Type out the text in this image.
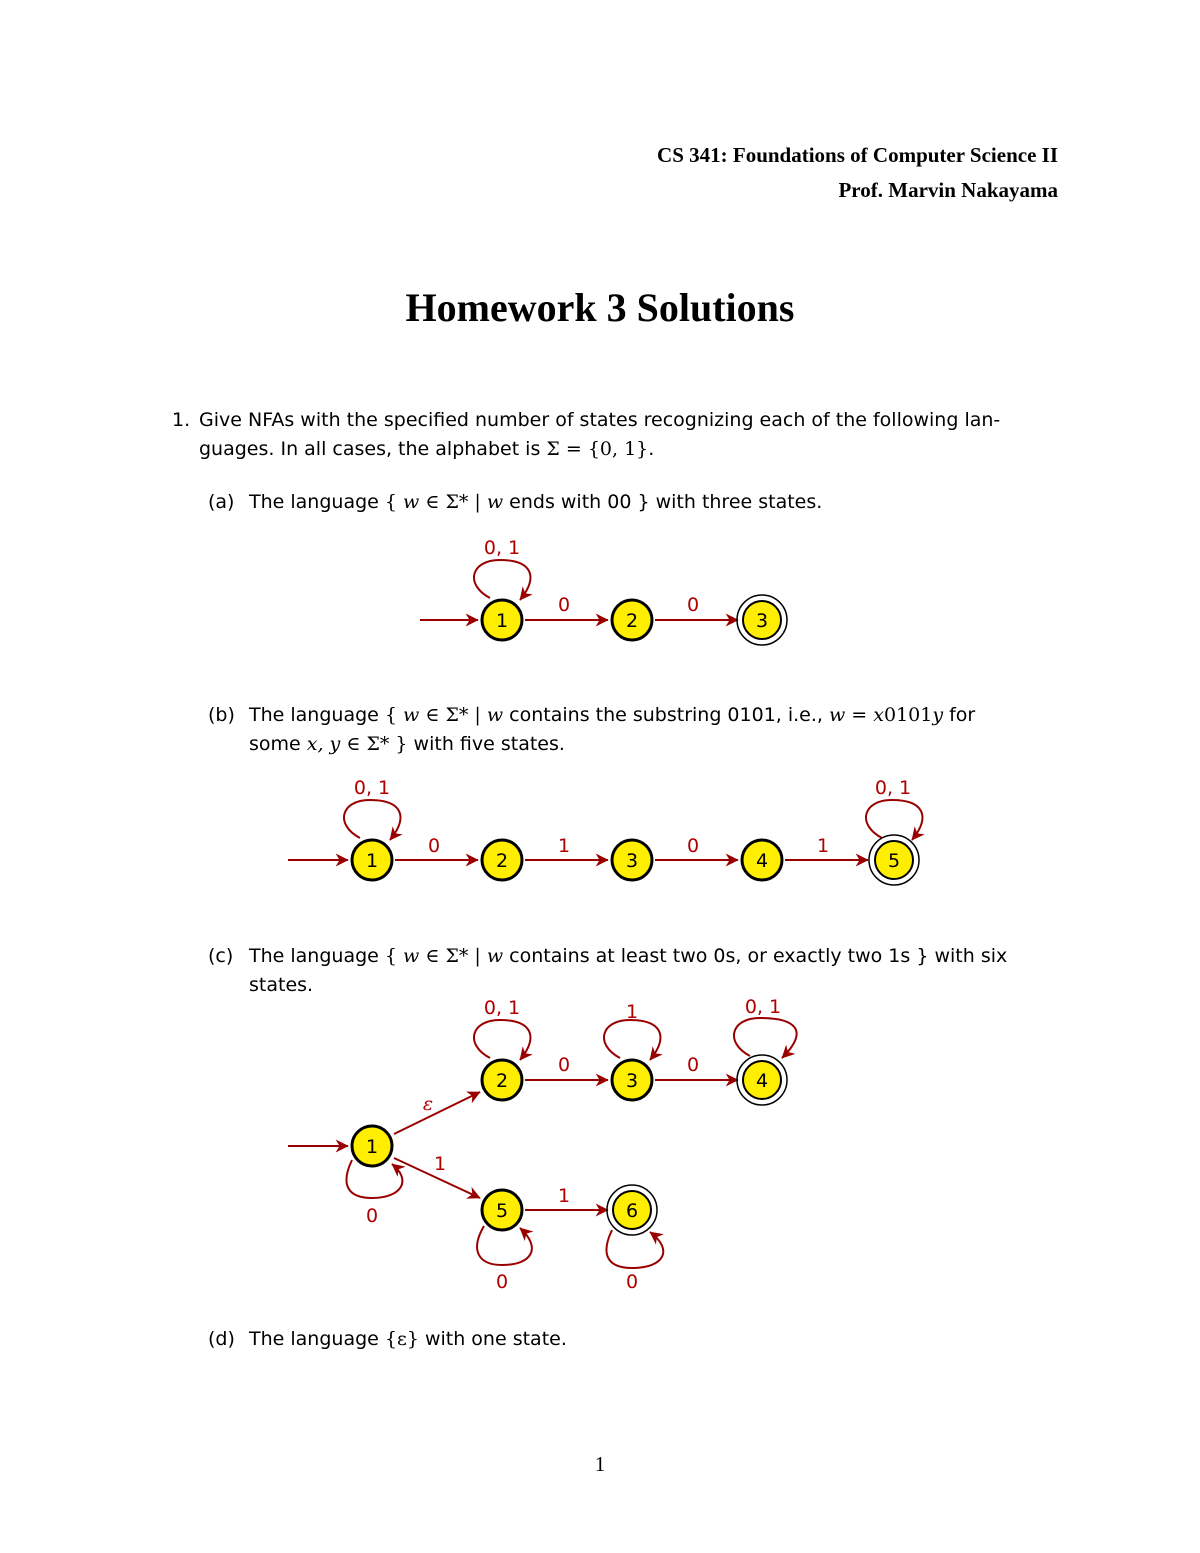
CS 341: Foundations of Computer Science II
Prof. Marvin Nakayama
Homework 3 Solutions
1. Give NFAs with the specified number of states recognizing each of the following lan-
guages. In all cases, the alphabet is Σ = {0, 1}.
(a) The language { w ∈ Σ* | w ends with 00 } with three states.
(b) The language { w ∈ Σ* | w contains the substring 0101, i.e., w = x0101y for
some x, y ∈ Σ* } with five states.
(c) The language { w ∈ Σ* | w contains at least two 0s, or exactly two 1s } with six
states.
(d) The language {ε} with one state.
1	2	3
0, 1
0	0
1	2	3	4	5
0, 1
0	1	0	1
0, 1
1
2	3	4
5	6
0, 1	1	0, 1
0	0
ε
1
0
1
0	0
1
